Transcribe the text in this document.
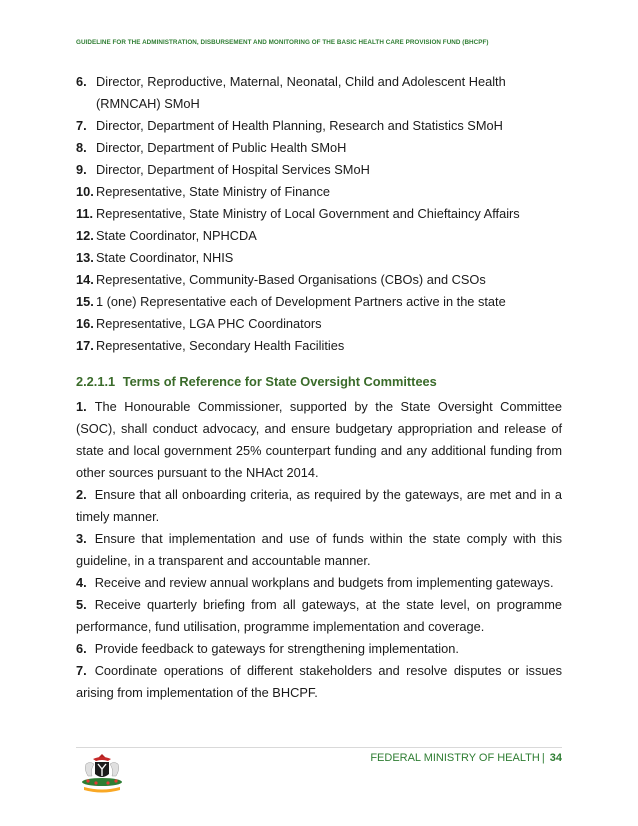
GUIDELINE FOR THE ADMINISTRATION, DISBURSEMENT AND MONITORING OF THE BASIC HEALTH CARE PROVISION FUND (BHCPF)
6. Director, Reproductive, Maternal, Neonatal, Child and Adolescent Health (RMNCAH) SMoH
7. Director, Department of Health Planning, Research and Statistics SMoH
8. Director, Department of Public Health SMoH
9. Director, Department of Hospital Services SMoH
10. Representative, State Ministry of Finance
11. Representative, State Ministry of Local Government and Chieftaincy Affairs
12. State Coordinator, NPHCDA
13. State Coordinator, NHIS
14. Representative, Community-Based Organisations (CBOs) and CSOs
15. 1 (one) Representative each of Development Partners active in the state
16. Representative, LGA PHC Coordinators
17. Representative, Secondary Health Facilities
2.2.1.1 Terms of Reference for State Oversight Committees

1. The Honourable Commissioner, supported by the State Oversight Committee (SOC), shall conduct advocacy, and ensure budgetary appropriation and release of state and local government 25% counterpart funding and any additional funding from other sources pursuant to the NHAct 2014.

2. Ensure that all onboarding criteria, as required by the gateways, are met and in a timely manner.

3. Ensure that implementation and use of funds within the state comply with this guideline, in a transparent and accountable manner.

4. Receive and review annual workplans and budgets from implementing gateways.

5. Receive quarterly briefing from all gateways, at the state level, on programme performance, fund utilisation, programme implementation and coverage.

6. Provide feedback to gateways for strengthening implementation.

7. Coordinate operations of different stakeholders and resolve disputes or issues arising from implementation of the BHCPF.

FEDERAL MINISTRY OF HEALTH | 34
